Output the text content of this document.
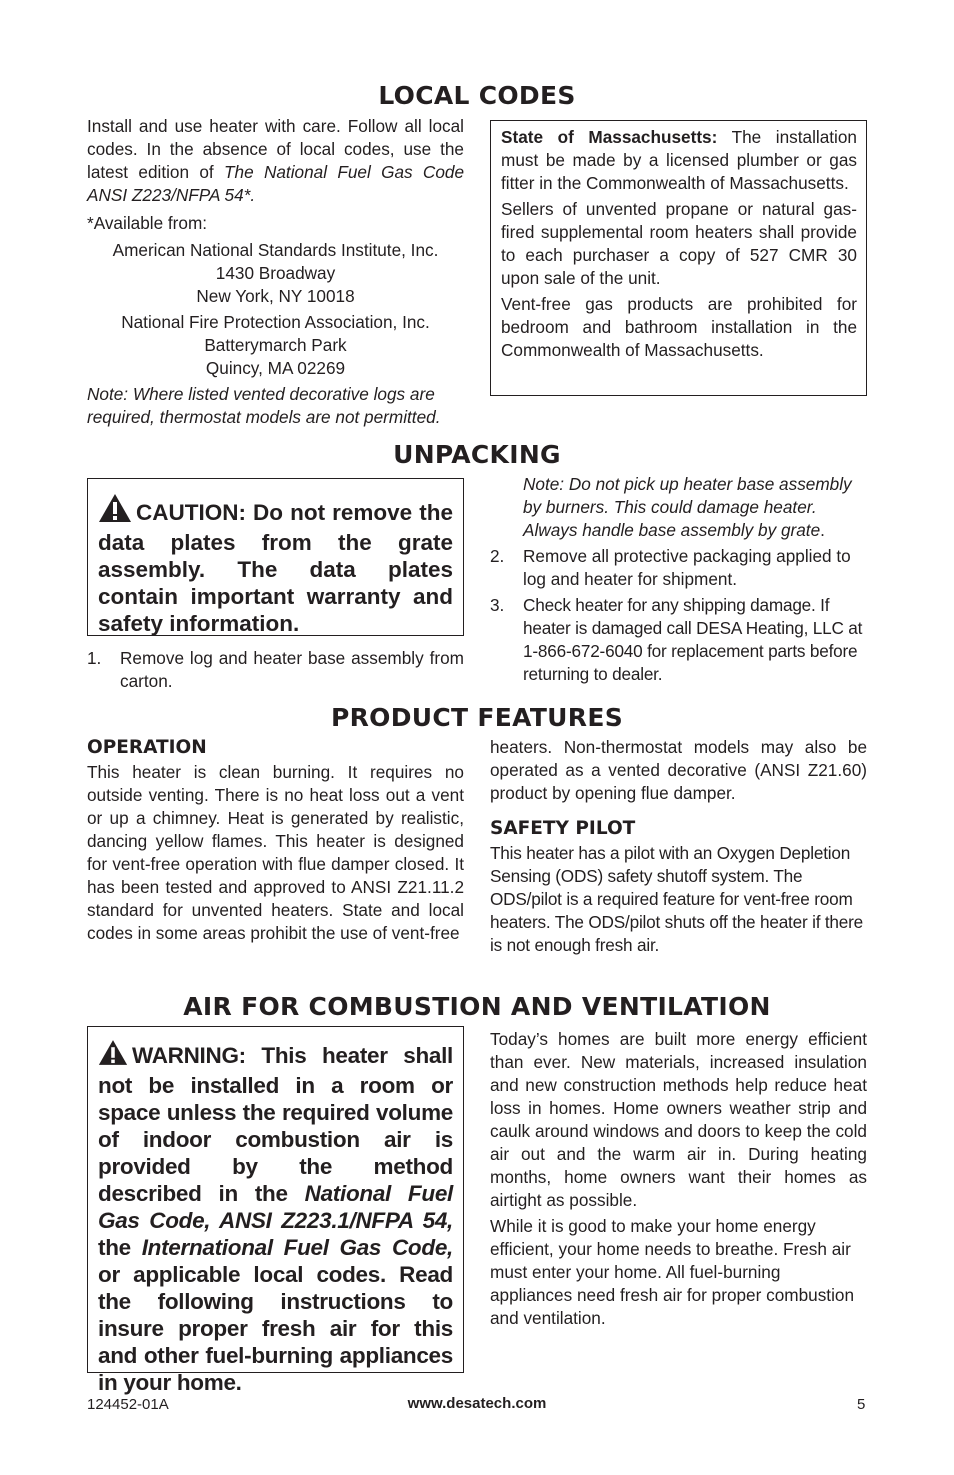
LOCAL CODES

Install and use heater with care. Follow all local codes. In the absence of local codes, use the latest edition of The National Fuel Gas Code ANSI Z223/NFPA 54*.

*Available from:

American National Standards Institute, Inc.

1430 Broadway

New York, NY 10018

National Fire Protection Association, Inc.

Batterymarch Park

Quincy, MA 02269

Note: Where listed vented decorative logs are required, thermostat models are not permitted.

State of Massachusetts: The installation must be made by a licensed plumber or gas fitter in the Commonwealth of Massachusetts.

Sellers of unvented propane or natural gas-fired supplemental room heaters shall provide to each purchaser a copy of 527 CMR 30 upon sale of the unit.

Vent-free gas products are prohibited for bedroom and bathroom installation in the Commonwealth of Massachusetts.

UNPACKING

CAUTION: Do not remove the data plates from the grate assembly. The data plates contain important warranty and safety information.

1.	Remove log and heater base assembly from carton.

Note: Do not pick up heater base assembly by burners. This could damage heater. Always handle base assembly by grate.

2.	Remove all protective packaging applied to log and heater for shipment.
3.	Check heater for any shipping damage. If heater is damaged call DESA Heating, LLC at 1-866-672-6040 for replacement parts before returning to dealer.
PRODUCT FEATURES

OPERATION

This heater is clean burning. It requires no outside venting. There is no heat loss out a vent or up a chimney. Heat is generated by realistic, dancing yellow flames. This heater is designed for vent-free operation with flue damper closed. It has been tested and approved to ANSI Z21.11.2 standard for unvented heaters. State and local codes in some areas prohibit the use of vent-free

heaters. Non-thermostat models may also be operated as a vented decorative (ANSI Z21.60) product by opening flue damper.

SAFETY PILOT

This heater has a pilot with an Oxygen Depletion Sensing (ODS) safety shutoff system. The ODS/pilot is a required feature for vent-free room heaters. The ODS/pilot shuts off the heater if there is not enough fresh air.

AIR FOR COMBUSTION AND VENTILATION

WARNING: This heater shall not be installed in a room or space unless the required volume of indoor combustion air is provided by the method described in the National Fuel Gas Code, ANSI Z223.1/NFPA 54, the International Fuel Gas Code, or applicable local codes. Read the following instructions to insure proper fresh air for this and other fuel-burning appliances in your home.

Today’s homes are built more energy efficient than ever. New materials, increased insulation and new construction methods help reduce heat loss in homes. Home owners weather strip and caulk around windows and doors to keep the cold air out and the warm air in. During heating months, home owners want their homes as airtight as possible.

While it is good to make your home energy efficient, your home needs to breathe. Fresh air must enter your home. All fuel-burning appliances need fresh air for proper combustion and ventilation.

124452-01A	www.desatech.com	5
